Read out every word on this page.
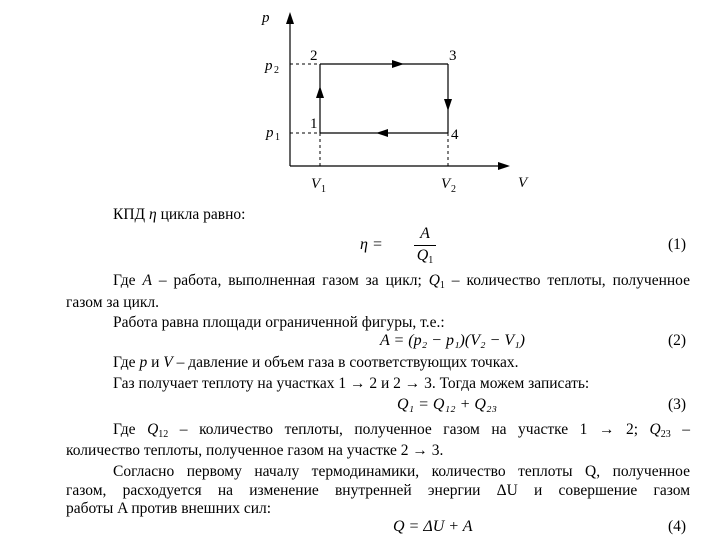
p
V
p 2
p 1
V 1	V 2
1
2	3
4
КПД η цикла равно:
η =
A
$Q_1$
(1)
Где A – работа, выполненная газом за цикл; $Q_1$ – количество теплоты, полученное
газом за цикл.
Работа равна площади ограниченной фигуры, т.е.:
A = (p₂ − p₁)(V₂ − V₁)	(2)
Где p и V – давление и объем газа в соответствующих точках.
Газ получает теплоту на участках 1 → 2 и 2 → 3. Тогда можем записать:
Q₁ = Q₁₂ + Q₂₃	(3)
Где $Q_{12}$ – количество теплоты, полученное газом на участке 1 → 2; $Q_{23}$ –
количество теплоты, полученное газом на участке 2 → 3.
Согласно первому началу термодинамики, количество теплоты Q, полученное
газом, расходуется на изменение внутренней энергии ΔU и совершение газом
работы A против внешних сил:
Q = ΔU + A	(4)
